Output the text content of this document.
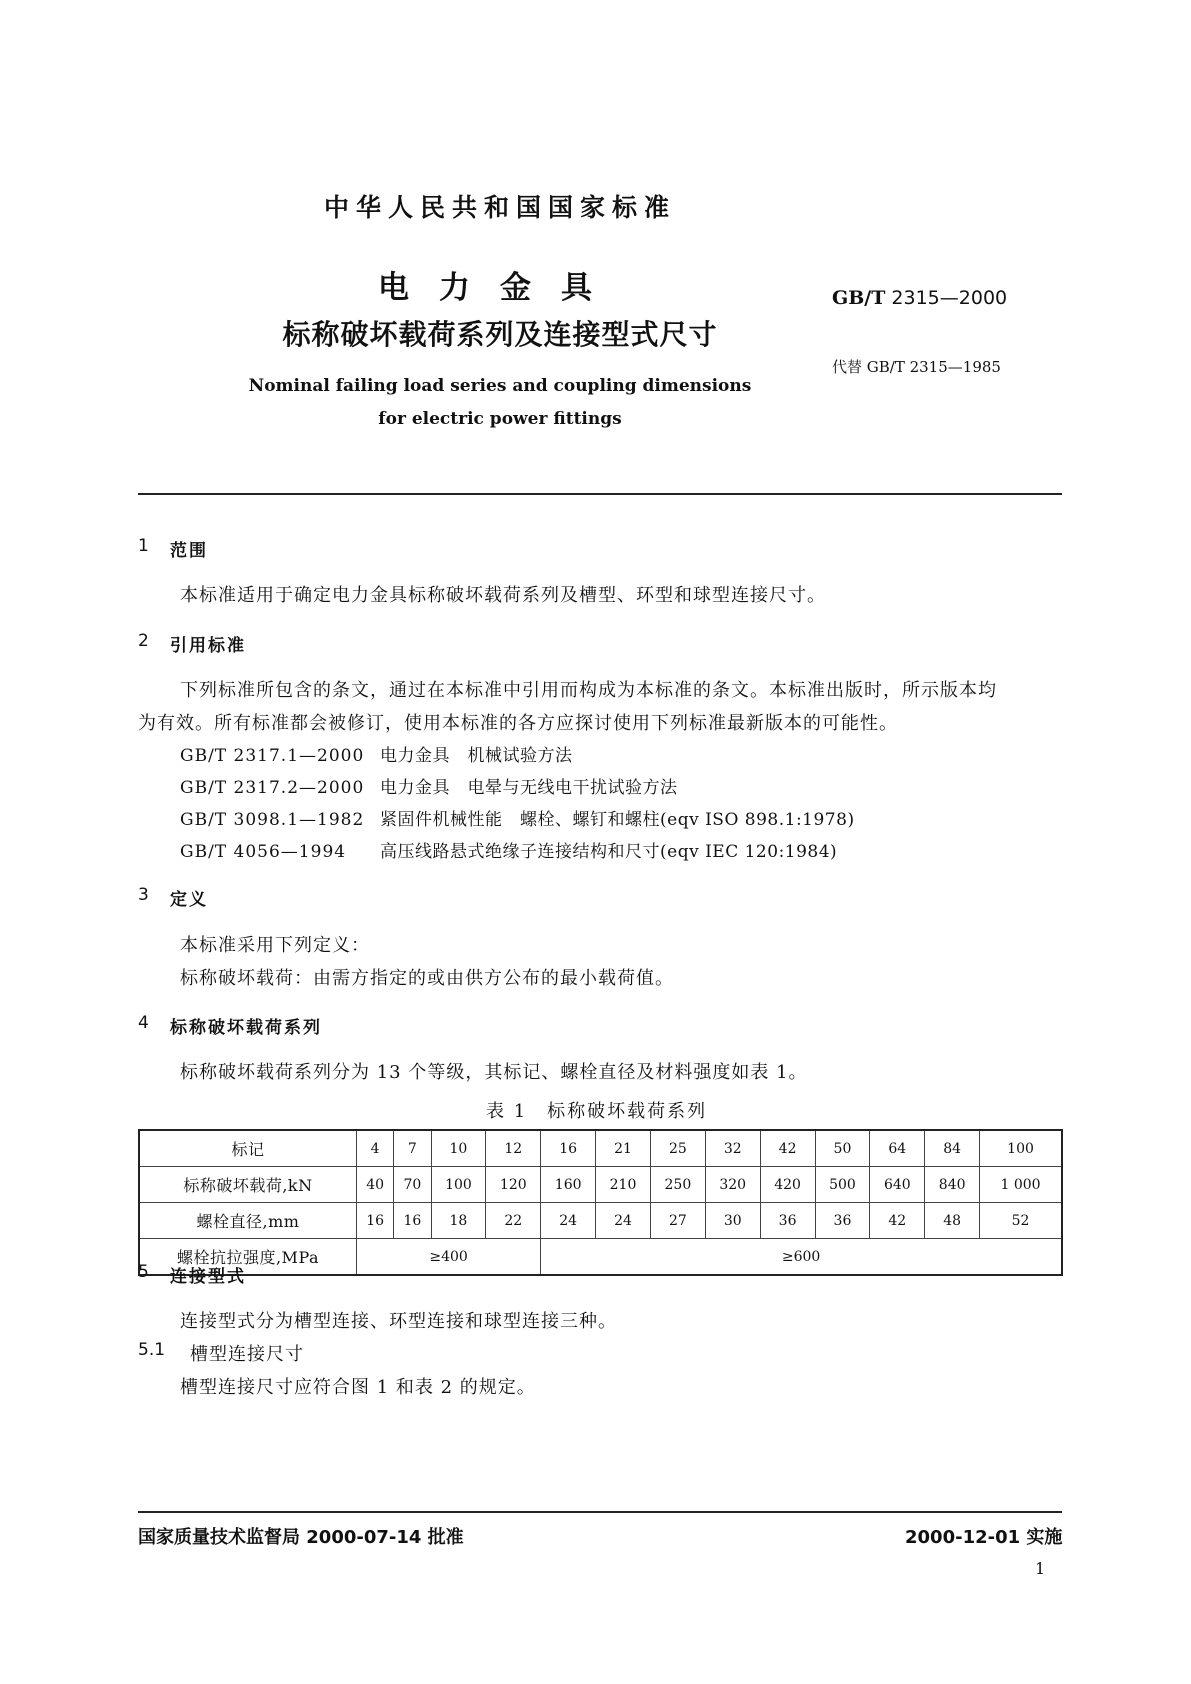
中华人民共和国国家标准
电力金具
标称破坏载荷系列及连接型式尺寸
Nominal failing load series and coupling dimensions
for electric power fittings
GB/T 2315—2000
代替 GB/T 2315—1985
1 范围
本标准适用于确定电力金具标称破坏载荷系列及槽型、环型和球型连接尺寸。
2 引用标准
下列标准所包含的条文，通过在本标准中引用而构成为本标准的条文。本标准出版时，所示版本均
为有效。所有标准都会被修订，使用本标准的各方应探讨使用下列标准最新版本的可能性。
GB/T 2317.1—2000 电力金具　机械试验方法
GB/T 2317.2—2000 电力金具　电晕与无线电干扰试验方法
GB/T 3098.1—1982 紧固件机械性能　螺栓、螺钉和螺柱(eqv ISO 898.1:1978)
GB/T 4056—1994 高压线路悬式绝缘子连接结构和尺寸(eqv IEC 120:1984)
3 定义
本标准采用下列定义：
标称破坏载荷：由需方指定的或由供方公布的最小载荷值。
4 标称破坏载荷系列
标称破坏载荷系列分为 13 个等级，其标记、螺栓直径及材料强度如表 1。
表 1　标称破坏载荷系列
标记	4	7	10	12	16	21	25	32	42	50	64	84	100
标称破坏载荷,kN	40	70	100	120	160	210	250	320	420	500	640	840	1 000
螺栓直径,mm	16	16	18	22	24	24	27	30	36	36	42	48	52
螺栓抗拉强度,MPa	≥400				≥600								
5 连接型式
连接型式分为槽型连接、环型连接和球型连接三种。
5.1 槽型连接尺寸
槽型连接尺寸应符合图 1 和表 2 的规定。
国家质量技术监督局 2000-07-14 批准	2000-12-01 实施
1
